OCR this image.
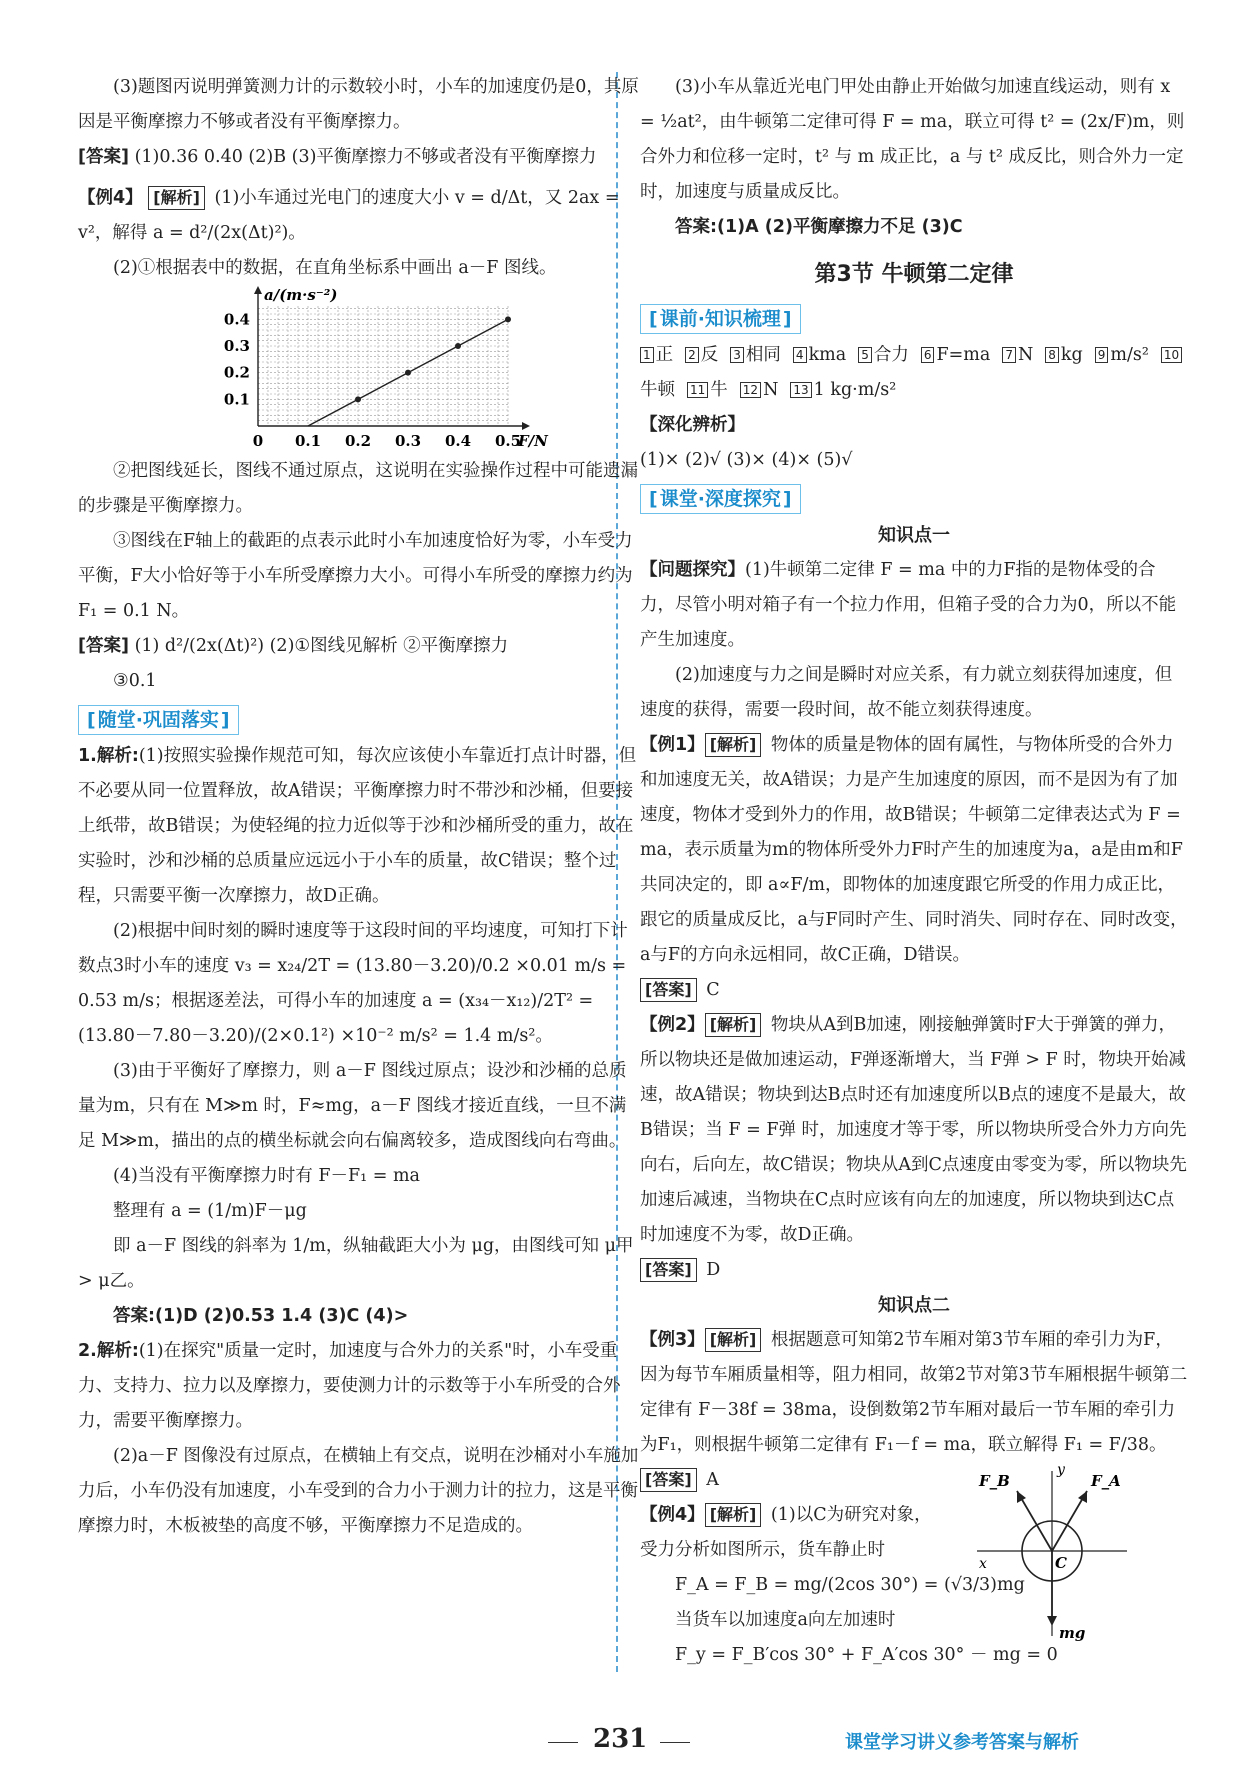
(3)题图丙说明弹簧测力计的示数较小时，小车的加速度仍是0，其原因是平衡摩擦力不够或者没有平衡摩擦力。

[答案] (1)0.36 0.40 (2)B (3)平衡摩擦力不够或者没有平衡摩擦力

【例4】 [解析] (1)小车通过光电门的速度大小 v = d/Δt，又 2ax = v²，解得 a = d²/(2x(Δt)²)。

(2)①根据表中的数据，在直角坐标系中画出 a－F 图线。

0 0.1 0.2 0.3 0.4 0.5
0.1
0.2
0.3
0.4
F/N
a/(m·s⁻²)

②把图线延长，图线不通过原点，这说明在实验操作过程中可能遗漏的步骤是平衡摩擦力。

③图线在F轴上的截距的点表示此时小车加速度恰好为零，小车受力平衡，F大小恰好等于小车所受摩擦力大小。可得小车所受的摩擦力约为 F₁ = 0.1 N。

[答案] (1) d²/(2x(Δt)²) (2)①图线见解析 ②平衡摩擦力

③0.1

[ 随堂·巩固落实 ]

1.解析:(1)按照实验操作规范可知，每次应该使小车靠近打点计时器，但不必要从同一位置释放，故A错误；平衡摩擦力时不带沙和沙桶，但要接上纸带，故B错误；为使轻绳的拉力近似等于沙和沙桶所受的重力，故在实验时，沙和沙桶的总质量应远远小于小车的质量，故C错误；整个过程，只需要平衡一次摩擦力，故D正确。

(2)根据中间时刻的瞬时速度等于这段时间的平均速度，可知打下计数点3时小车的速度 v₃ = x₂₄/2T = (13.80－3.20)/0.2 ×0.01 m/s = 0.53 m/s；根据逐差法，可得小车的加速度 a = (x₃₄－x₁₂)/2T² = (13.80－7.80－3.20)/(2×0.1²) ×10⁻² m/s² = 1.4 m/s²。

(3)由于平衡好了摩擦力，则 a－F 图线过原点；设沙和沙桶的总质量为m，只有在 M≫m 时，F≈mg，a－F 图线才接近直线，一旦不满足 M≫m，描出的点的横坐标就会向右偏离较多，造成图线向右弯曲。

(4)当没有平衡摩擦力时有 F－F₁ = ma

整理有 a = (1/m)F－μg

即 a－F 图线的斜率为 1/m，纵轴截距大小为 μg，由图线可知 μ甲 > μ乙。

答案:(1)D (2)0.53 1.4 (3)C (4)>

2.解析:(1)在探究"质量一定时，加速度与合外力的关系"时，小车受重力、支持力、拉力以及摩擦力，要使测力计的示数等于小车所受的合外力，需要平衡摩擦力。

(2)a－F 图像没有过原点，在横轴上有交点，说明在沙桶对小车施加力后，小车仍没有加速度，小车受到的合力小于测力计的拉力，这是平衡摩擦力时，木板被垫的高度不够，平衡摩擦力不足造成的。

(3)小车从靠近光电门甲处由静止开始做匀加速直线运动，则有 x = ½at²，由牛顿第二定律可得 F = ma，联立可得 t² = (2x/F)m，则合外力和位移一定时，t² 与 m 成正比，a 与 t² 成反比，则合外力一定时，加速度与质量成反比。

答案:(1)A (2)平衡摩擦力不足 (3)C

第3节 牛顿第二定律
[ 课前·知识梳理 ]

1 正 2 反 3 相同 4 kma 5 合力 6 F=ma 7 N 8 kg 9 m/s² 10牛顿 11 牛 12 N 13 1 kg·m/s²

【深化辨析】

(1)× (2)√ (3)× (4)× (5)√

[ 课堂·深度探究 ]
知识点一

【问题探究】(1)牛顿第二定律 F = ma 中的力F指的是物体受的合力，尽管小明对箱子有一个拉力作用，但箱子受的合力为0，所以不能产生加速度。

(2)加速度与力之间是瞬时对应关系，有力就立刻获得加速度，但速度的获得，需要一段时间，故不能立刻获得速度。

【例1】 [解析] 物体的质量是物体的固有属性，与物体所受的合外力和加速度无关，故A错误；力是产生加速度的原因，而不是因为有了加速度，物体才受到外力的作用，故B错误；牛顿第二定律表达式为 F = ma，表示质量为m的物体所受外力F时产生的加速度为a，a是由m和F共同决定的，即 a∝F/m，即物体的加速度跟它所受的作用力成正比，跟它的质量成反比，a与F同时产生、同时消失、同时存在、同时改变，a与F的方向永远相同，故C正确，D错误。

[答案] C

【例2】 [解析] 物块从A到B加速，刚接触弹簧时F大于弹簧的弹力，所以物块还是做加速运动，F弹逐渐增大，当 F弹 > F 时，物块开始减速，故A错误；物块到达B点时还有加速度所以B点的速度不是最大，故B错误；当 F = F弹 时，加速度才等于零，所以物块所受合外力方向先向右，后向左，故C错误；物块从A到C点速度由零变为零，所以物块先加速后减速，当物块在C点时应该有向左的加速度，所以物块到达C点时加速度不为零，故D正确。

[答案] D

知识点二

【例3】 [解析] 根据题意可知第2节车厢对第3节车厢的牵引力为F，因为每节车厢质量相等，阻力相同，故第2节对第3节车厢根据牛顿第二定律有 F－38f = 38ma，设倒数第2节车厢对最后一节车厢的牵引力为F₁，则根据牛顿第二定律有 F₁－f = ma，联立解得 F₁ = F/38。

[答案] A

【例4】 [解析] (1)以C为研究对象，受力分析如图所示，货车静止时

F_A = F_B = mg/(2cos 30°) = (√3/3)mg

当货车以加速度a向左加速时

F_y = F_B′cos 30° + F_A′cos 30° － mg = 0

F_B	F_A
y
x	C
mg
231	课堂学习讲义参考答案与解析
